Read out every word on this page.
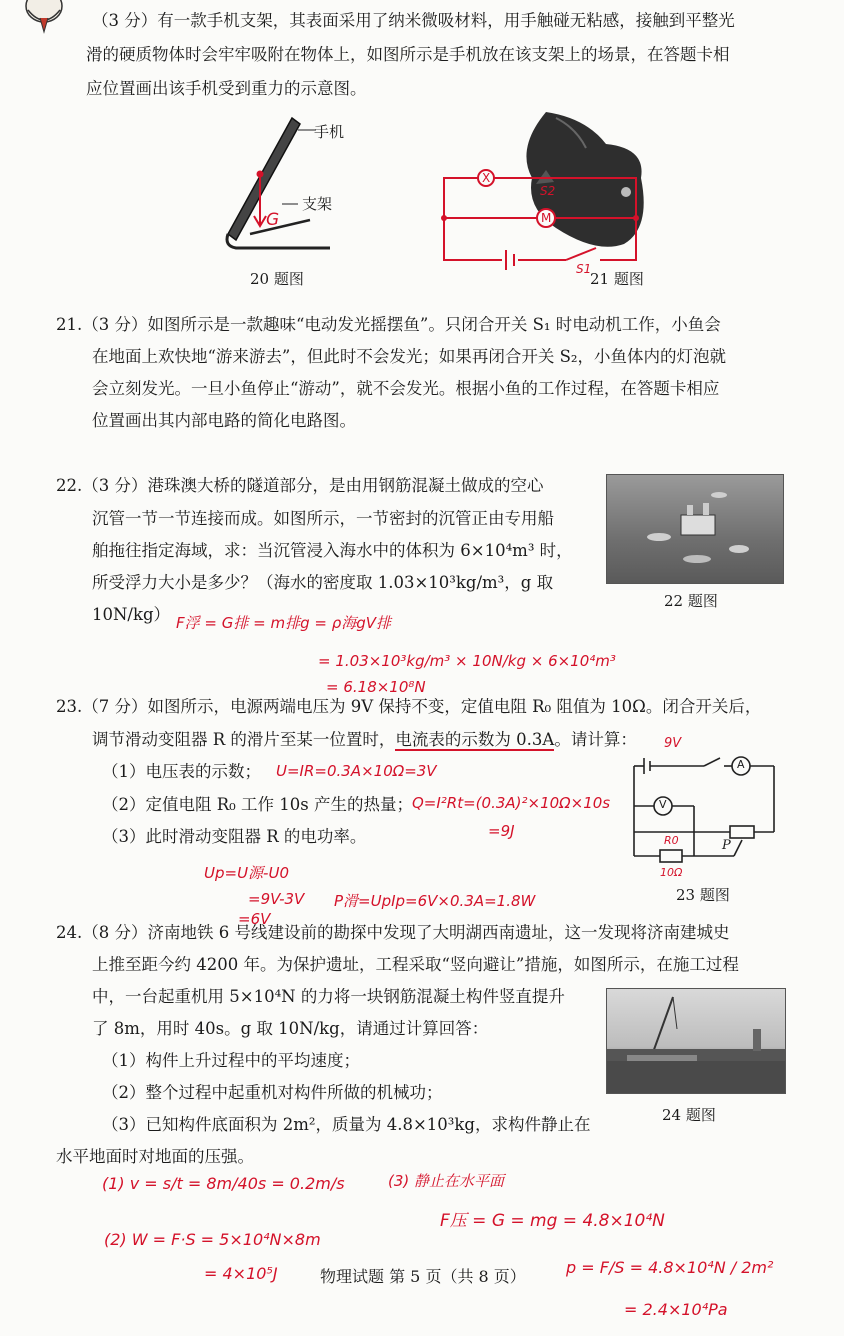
（3 分）有一款手机支架，其表面采用了纳米微吸材料，用手触碰无粘感，接触到平整光
滑的硬质物体时会牢牢吸附在物体上，如图所示是手机放在该支架上的场景，在答题卡相
应位置画出该手机受到重力的示意图。
手机
支架
G
20 题图
X
M
S2
S1
21 题图
21.（3 分）如图所示是一款趣味“电动发光摇摆鱼”。只闭合开关 S₁ 时电动机工作，小鱼会
在地面上欢快地“游来游去”，但此时不会发光；如果再闭合开关 S₂，小鱼体内的灯泡就
会立刻发光。一旦小鱼停止“游动”，就不会发光。根据小鱼的工作过程，在答题卡相应
位置画出其内部电路的简化电路图。
22.（3 分）港珠澳大桥的隧道部分，是由用钢筋混凝土做成的空心
沉管一节一节连接而成。如图所示，一节密封的沉管正由专用船
舶拖往指定海域，求：当沉管浸入海水中的体积为 6×10⁴m³ 时，
所受浮力大小是多少？（海水的密度取 1.03×10³kg/m³，g 取
10N/kg）
22 题图
F浮 = G排 = m排g = ρ海gV排
= 1.03×10³kg/m³ × 10N/kg × 6×10⁴m³
= 6.18×10⁸N
23.（7 分）如图所示，电源两端电压为 9V 保持不变，定值电阻 R₀ 阻值为 10Ω。闭合开关后，
调节滑动变阻器 R 的滑片至某一位置时，电流表的示数为 0.3A。请计算：
（1）电压表的示数；
（2）定值电阻 R₀ 工作 10s 产生的热量；
（3）此时滑动变阻器 R 的电功率。
U=IR=0.3A×10Ω=3V
Q=I²Rt=(0.3A)²×10Ω×10s
=9J
Up=U源-U0
=9V-3V
=6V
P滑=UpIp=6V×0.3A=1.8W
9V
A
V
R0
10Ω
P
23 题图
24.（8 分）济南地铁 6 号线建设前的勘探中发现了大明湖西南遗址，这一发现将济南建城史
上推至距今约 4200 年。为保护遗址，工程采取“竖向避让”措施，如图所示，在施工过程
中，一台起重机用 5×10⁴N 的力将一块钢筋混凝土构件竖直提升
了 8m，用时 40s。g 取 10N/kg，请通过计算回答：
（1）构件上升过程中的平均速度；
（2）整个过程中起重机对构件所做的机械功；
（3）已知构件底面积为 2m²，质量为 4.8×10³kg，求构件静止在
水平地面时对地面的压强。
24 题图
(1) v = s/t = 8m/40s = 0.2m/s	(3) 静止在水平面
F压 = G = mg = 4.8×10⁴N
(2) W = F·S = 5×10⁴N×8m
= 4×10⁵J	p = F/S = 4.8×10⁴N / 2m²
= 2.4×10⁴Pa
物理试题 第 5 页（共 8 页）
